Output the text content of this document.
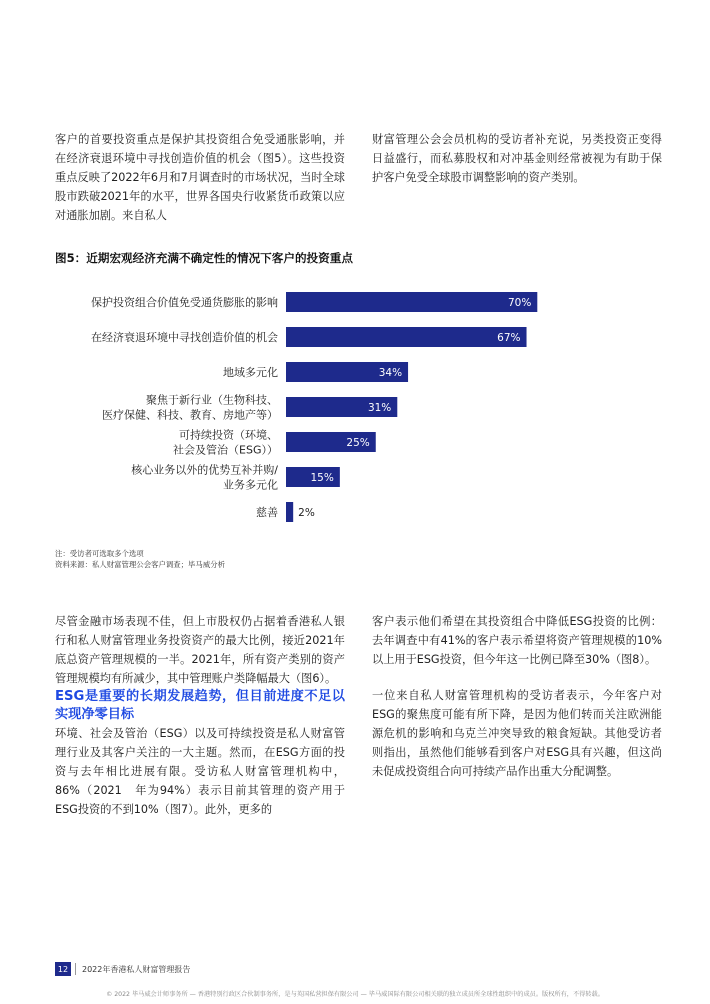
客户的首要投资重点是保护其投资组合免受通胀影响，并在经济衰退环境中寻找创造价值的机会（图5）。这些投资重点反映了2022年6月和7月调查时的市场状况，当时全球股市跌破2021年的水平，世界各国央行收紧货币政策以应对通胀加剧。来自私人

财富管理公会会员机构的受访者补充说，另类投资正变得日益盛行，而私募股权和对冲基金则经常被视为有助于保护客户免受全球股市调整影响的资产类别。

图5：近期宏观经济充满不确定性的情况下客户的投资重点
70%
保护投资组合价值免受通货膨胀的影响
67%
在经济衰退环境中寻找创造价值的机会
34%
地域多元化
31%
聚焦于新行业（生物科技、
医疗保健、科技、教育、房地产等）
25%
可持续投资（环境、
社会及管治（ESG））
15%
核心业务以外的优势互补并购/
业务多元化
2%
慈善
注：受访者可选取多个选项
资料来源：私人财富管理公会客户调查；毕马威分析

尽管金融市场表现不佳，但上市股权仍占据着香港私人银行和私人财富管理业务投资资产的最大比例，接近2021年底总资产管理规模的一半。2021年，所有资产类别的资产管理规模均有所减少，其中管理账户类降幅最大（图6）。

ESG是重要的长期发展趋势，但目前进度不足以实现净零目标

环境、社会及管治（ESG）以及可持续投资是私人财富管理行业及其客户关注的一大主题。然而，在ESG方面的投资与去年相比进展有限。受访私人财富管理机构中，86%（2021　年为94%）表示目前其管理的资产用于ESG投资的不到10%（图7）。此外，更多的

客户表示他们希望在其投资组合中降低ESG投资的比例：去年调查中有41%的客户表示希望将资产管理规模的10%以上用于ESG投资，但今年这一比例已降至30%（图8）。

一位来自私人财富管理机构的受访者表示，今年客户对ESG的聚焦度可能有所下降，是因为他们转而关注欧洲能源危机的影响和乌克兰冲突导致的粮食短缺。其他受访者则指出，虽然他们能够看到客户对ESG具有兴趣，但这尚未促成投资组合向可持续产品作出重大分配调整。

12	2022年香港私人财富管理报告
© 2022 毕马威会计师事务所 — 香港特别行政区合伙制事务所，是与英国私营担保有限公司 — 毕马威国际有限公司相关联的独立成员所全球性组织中的成员。版权所有，不得转载。
